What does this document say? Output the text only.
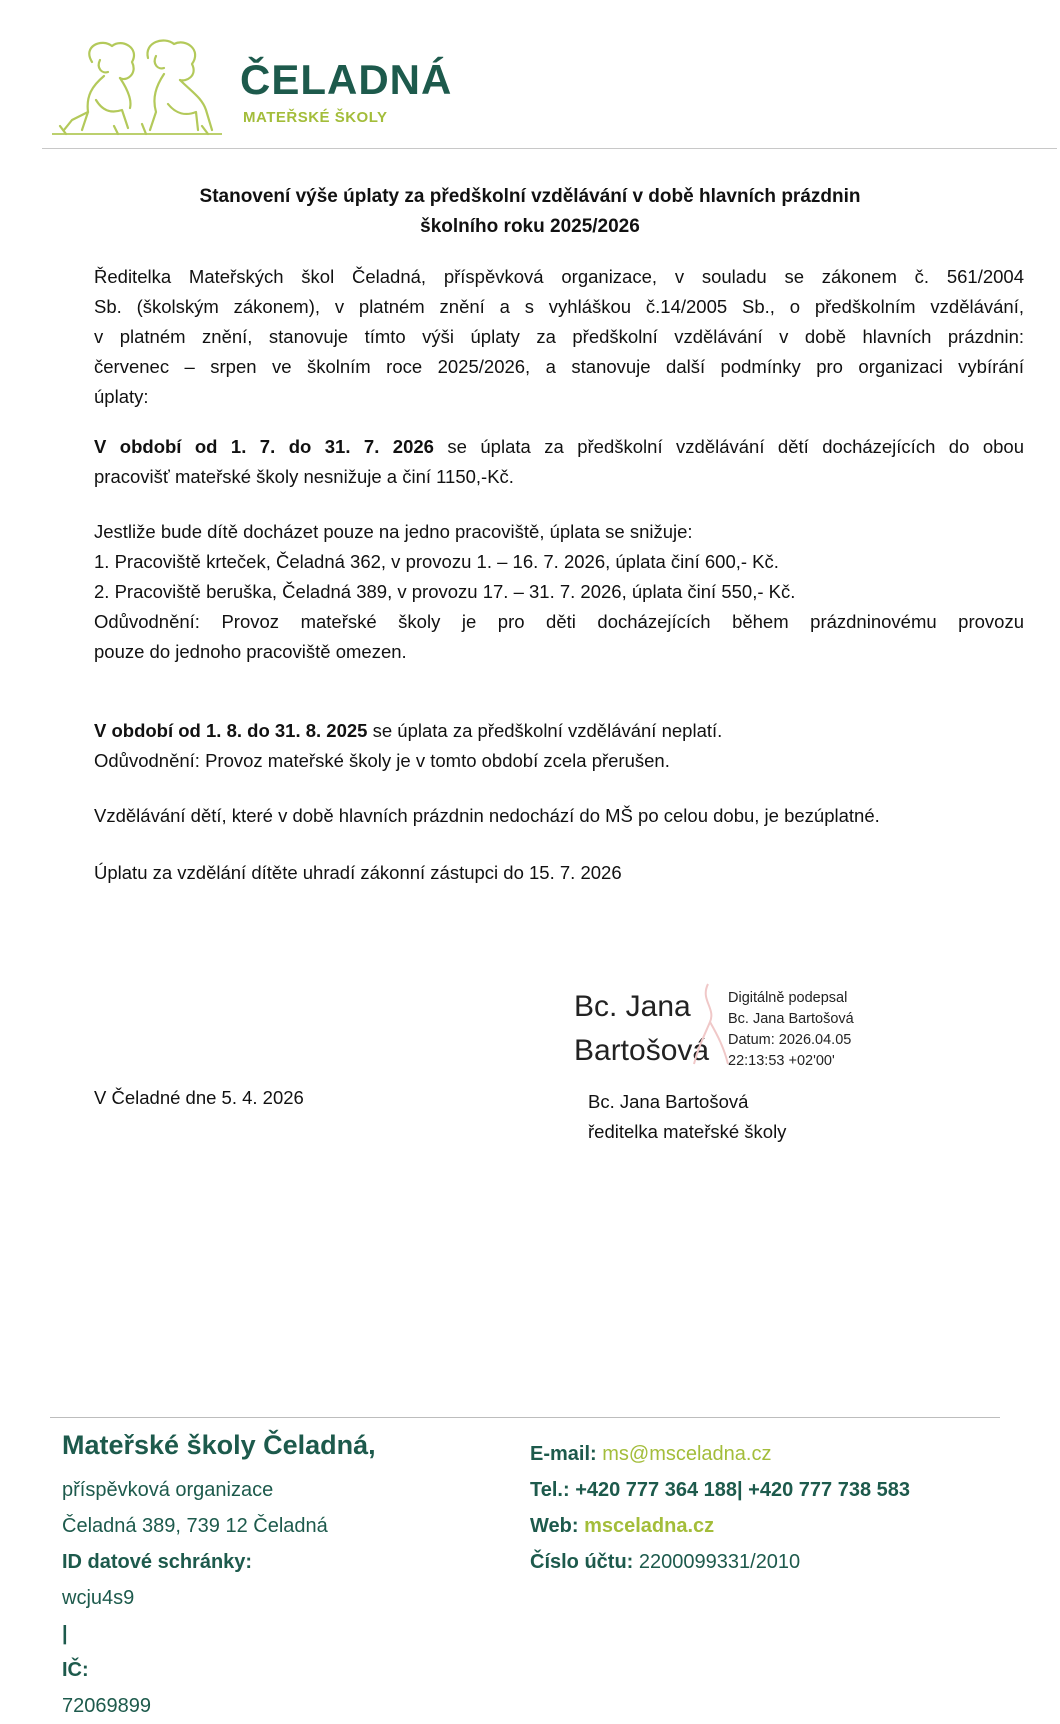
ČELADNÁ
MATEŘSKÉ ŠKOLY
Stanovení výše úplaty za předškolní vzdělávání v době hlavních prázdnin
školního roku 2025/2026
Ředitelka Mateřských škol Čeladná, příspěvková organizace, v souladu se zákonem č. 561/2004
Sb. (školským zákonem), v platném znění a s vyhláškou č.14/2005 Sb., o předškolním vzdělávání,
v platném znění, stanovuje tímto výši úplaty za předškolní vzdělávání v době hlavních prázdnin:
červenec – srpen ve školním roce 2025/2026, a stanovuje další podmínky pro organizaci vybírání
úplaty:
V období od 1. 7. do 31. 7. 2026 se úplata za předškolní vzdělávání dětí docházejících do obou
pracovišť mateřské školy nesnižuje a činí 1150,-Kč.
Jestliže bude dítě docházet pouze na jedno pracoviště, úplata se snižuje:
1. Pracoviště krteček, Čeladná 362, v provozu 1. – 16. 7. 2026, úplata činí 600,- Kč.
2. Pracoviště beruška, Čeladná 389, v provozu 17. – 31. 7. 2026, úplata činí 550,- Kč.
Odůvodnění: Provoz mateřské školy je pro děti docházejících během prázdninovému provozu
pouze do jednoho pracoviště omezen.
V období od 1. 8. do 31. 8. 2025 se úplata za předškolní vzdělávání neplatí.
Odůvodnění: Provoz mateřské školy je v tomto období zcela přerušen.
Vzdělávání dětí, které v době hlavních prázdnin nedochází do MŠ po celou dobu, je bezúplatné.
Úplatu za vzdělání dítěte uhradí zákonní zástupci do 15. 7. 2026
Bc. Jana
Bartošová
Digitálně podepsal
Bc. Jana Bartošová
Datum: 2026.04.05
22:13:53 +02'00'
V Čeladné dne 5. 4. 2026	Bc. Jana Bartošová
ředitelka mateřské školy
Mateřské školy Čeladná,
příspěvková organizace
Čeladná 389, 739 12 Čeladná
ID datové schránky:
wcju4s9
|
IČ:
72069899
E-mail: ms@msceladna.cz
Tel.: +420 777 364 188| +420 777 738 583
Web: msceladna.cz
Číslo účtu: 2200099331/2010
